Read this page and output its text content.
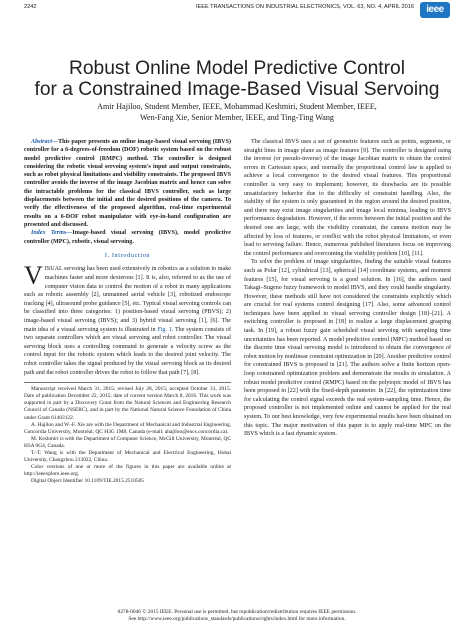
2242	IEEE TRANSACTIONS ON INDUSTRIAL ELECTRONICS, VOL. 63, NO. 4, APRIL 2016	ieee
Robust Online Model Predictive Control
for a Constrained Image-Based Visual Servoing
Amir Hajiloo, Student Member, IEEE, Mohammad Keshmiri, Student Member, IEEE,
Wen-Fang Xie, Senior Member, IEEE, and Ting-Ting Wang

Abstract—This paper presents an online image-based visual servoing (IBVS) controller for a 6-degrees-of-freedom (DOF) robotic system based on the robust model predictive control (RMPC) method. The controller is designed considering the robotic visual servoing system's input and output constraints, such as robot physical limitations and visibility constraints. The proposed IBVS controller avoids the inverse of the image Jacobian matrix and hence can solve the intractable problems for the classical IBVS controller, such as large displacements between the initial and the desired positions of the camera. To verify the effectiveness of the proposed algorithm, real-time experimental results on a 6-DOF robot manipulator with eye-in-hand configuration are presented and discussed.

Index Terms—Image-based visual servoing (IBVS), model predictive controller (MPC), robotic, visual servoing.

I. Introduction

VISUAL servoing has been used extensively in robotics as a solution to make machines faster and more dexterous [1]. It is, also, referred to as the use of computer vision data to control the motion of a robot in many applications such as robotic assembly [2], unmanned aerial vehicle [3], robotized endoscope tracking [4], ultrasound probe guidance [5], etc. Typical visual servoing controls can be classified into three categories: 1) position-based visual servoing (PBVS); 2) image-based visual servoing (IBVS); and 3) hybrid visual servoing [1], [6]. The main idea of a visual servoing system is illustrated in Fig. 1. The system consists of two separate controllers which are visual servoing and robot controller. The visual servoing block uses a controlling command to generate a velocity screw as the control input for the robotic system which leads to the desired joint velocity. The robot controller takes the signal produced by the visual servoing block as its desired path and the robot controller drives the robot to follow that path [7], [8].

Manuscript received March 31, 2015; revised July 28, 2015; accepted October 31, 2015. Date of publication December 22, 2015; date of current version March 8, 2016. This work was supported in part by a Discovery Grant from the Natural Sciences and Engineering Research Council of Canada (NSERC), and in part by the National Natural Science Foundation of China under Grant 61403122.

A. Hajiloo and W.-F. Xie are with the Department of Mechanical and Industrial Engineering, Concordia University, Montréal, QC H3G 1M8, Canada (e-mail: ahajiloo@encs.concordia.ca).

M. Keshmiri is with the Department of Computer Science, McGill University, Montréal, QC H3A 0G4, Canada.

T.-T. Wang is with the Department of Mechanical and Electrical Engineering, Hohai University, Changzhou 213022, China.

Color versions of one or more of the figures in this paper are available online at http://ieeexplore.ieee.org.

Digital Object Identifier 10.1109/TIE.2015.2510505

The classical IBVS uses a set of geometric features such as points, segments, or straight lines in image plane as image features [9]. The controller is designed using the inverse (or pseudo-inverse) of the image Jacobian matrix to obtain the control errors in Cartesian space, and normally the proportional control law is applied to achieve a local convergence to the desired visual features. This proportional controller is very easy to implement; however, its drawbacks are its possible unsatisfactory behavior due to the difficulty of constraint handling. Also, the stability of the system is only guaranteed in the region around the desired position, and there may exist image singularities and image local minima, leading to IBVS performance degradation. However, if the errors between the initial position and the desired one are large, with the visibility constraint, the camera motion may be affected by loss of features, or conflict with the robot physical limitations, or even lead to servoing failure. Hence, numerous published literatures focus on improving the control performance and overcoming the visibility problem [10], [11].

To solve the problem of image singularities, finding the suitable visual features such as Polar [12], cylindrical [13], spherical [14] coordinate systems, and moment features [15], for visual servoing is a good solution. In [16], the authors used Takagi–Sugeno fuzzy framework to model IBVS, and they could handle singularity. However, these methods still have not considered the constraints explicitly which are crucial for real systems control designing [17]. Also, some advanced control techniques have been applied to visual servoing controller design [18]–[21]. A switching controller is proposed in [18] to realize a large displacement grasping task. In [19], a robust fuzzy gain scheduled visual servoing with sampling time uncertainties has been reported. A model predictive control (MPC) method based on the discrete time visual servoing model is introduced to obtain the convergence of robot motion by nonlinear constraint optimization in [20]. Another predictive control for constrained IBVS is proposed in [21]. The authors solve a finite horizon open-loop constrained optimization problem and demonstrate the results in simulation. A robust model predictive control (RMPC) based on the polytopic model of IBVS has been proposed in [22] with the fixed-depth parameter. In [22], the optimization time for calculating the control signal exceeds the real system-sampling time. Hence, the proposed controller is not implemented online and cannot be applied for the real system. To our best knowledge, very few experimental results have been obtained on this topic. The major motivation of this paper is to apply real-time MPC on the IBVS which is a fast dynamic system.

0278-0046 © 2015 IEEE. Personal use is permitted, but republication/redistribution requires IEEE permission.
See http://www.ieee.org/publications_standards/publications/rights/index.html for more information.
